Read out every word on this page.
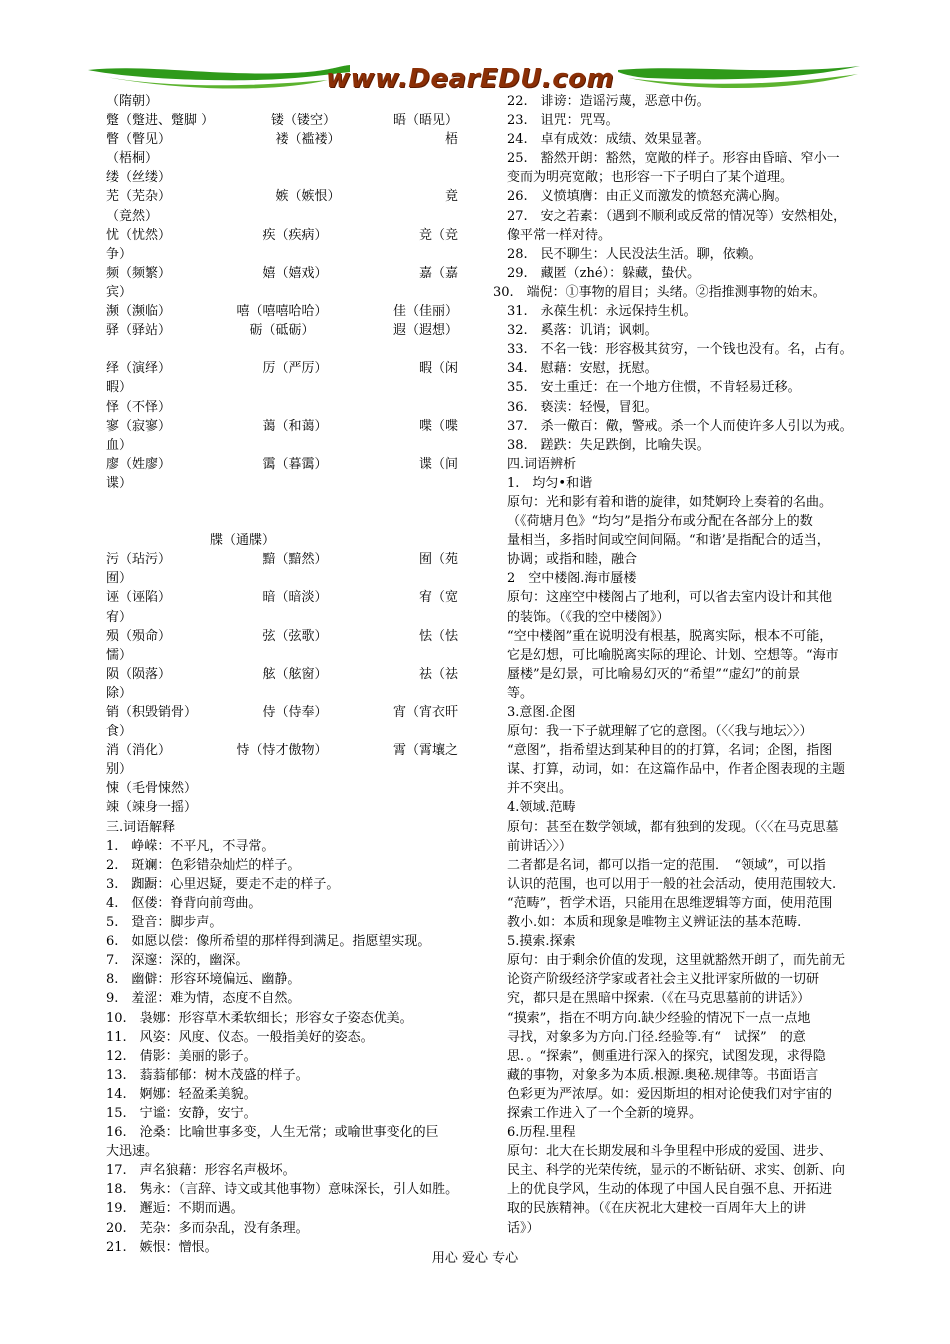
www.DearEDU.com
（隋朝）
蹩（蹩进、蹩脚 ）	镂（镂空）	晤（晤见）
瞥（瞥见）	褛（褴褛）	梧
（梧桐）
缕（丝缕）
芜（芜杂）	嫉（嫉恨）	竟
（竟然）
忧（忧然）	疾（疾病）	竞（竞
争）
频（频繁）	嬉（嬉戏）	嘉（嘉
宾）
濒（濒临）	嘻（嘻嘻哈哈）	佳（佳丽）
驿（驿站）	砺（砥砺）	遐（遐想）
绎（演绎）	厉（严厉）	暇（闲
暇）
怿（不怿）
寥（寂寥）	蔼（和蔼）	喋（喋
血）
廖（姓廖）	霭（暮霭）	谍（间
谍）
　　　　　　　　牒（通牒）
污（玷污）	黯（黯然）	囿（苑
囿）
诬（诬陷）	暗（暗淡）	宥（宽
宥）
殒（殒命）	弦（弦歌）	怯（怯
懦）
陨（陨落）	舷（舷窗）	祛（祛
除）
销（积毁销骨）	侍（侍奉）	宵（宵衣旰
食）
消（消化）	恃（恃才傲物）	霄（霄壤之
别）
悚（毛骨悚然）
竦（竦身一摇）
三.词语解释
1.　峥嵘：不平凡，不寻常。
2.　斑斓：色彩错杂灿烂的样子。
3.　踟蹰：心里迟疑，要走不走的样子。
4.　伛偻：脊背向前弯曲。
5.　跫音：脚步声。
6.　如愿以偿：像所希望的那样得到满足。指愿望实现。
7.　深邃：深的，幽深。
8.　幽僻：形容环境偏远、幽静。
9.　羞涩：难为情，态度不自然。
10.　袅娜：形容草木柔软细长；形容女子姿态优美。
11.　风姿：风度、仪态。一般指美好的姿态。
12.　倩影：美丽的影子。
13.　蓊蓊郁郁：树木茂盛的样子。
14.　婀娜：轻盈柔美貌。
15.　宁谧：安静，安宁。
16.　沧桑：比喻世事多变，人生无常；或喻世事变化的巨
大迅速。
17.　声名狼藉：形容名声极坏。
18.　隽永：（言辞、诗文或其他事物）意味深长，引人如胜。
19.　邂逅：不期而遇。
20.　芜杂：多而杂乱，没有条理。
21.　嫉恨：憎恨。
22.　诽谤：造谣污蔑，恶意中伤。
23.　诅咒：咒骂。
24.　卓有成效：成绩、效果显著。
25.　豁然开朗：豁然，宽敞的样子。形容由昏暗、窄小一
变而为明亮宽敞；也形容一下子明白了某个道理。
26.　义愤填膺：由正义而激发的愤怒充满心胸。
27.　安之若素：（遇到不顺利或反常的情况等）安然相处，
像平常一样对待。
28.　民不聊生：人民没法生活。聊，依赖。
29.　藏匿（zhé）：躲藏，蛰伏。
30.　端倪：①事物的眉目；头绪。②指推测事物的始末。
31.　永葆生机：永远保持生机。
32.　奚落：讥诮；讽刺。
33.　不名一钱：形容极其贫穷，一个钱也没有。名，占有。
34.　慰藉：安慰，抚慰。
35.　安土重迁：在一个地方住惯，不肯轻易迁移。
36.　亵渎：轻慢，冒犯。
37.　杀一儆百：儆，警戒。杀一个人而使许多人引以为戒。
38.　蹉跌：失足跌倒，比喻失误。
四.词语辨析
1.　均匀•和谐
原句：光和影有着和谐的旋律，如梵婀玲上奏着的名曲。
（《荷塘月色》“均匀”是指分布或分配在各部分上的数
量相当，多指时间或空间间隔。“和谐’是指配合的适当，
协调；或指和睦，融合
2　空中楼阁.海市蜃楼
原句：这座空中楼阁占了地利，可以省去室内设计和其他
的装饰。（《我的空中楼阁》）
“空中楼阁”重在说明没有根基，脱离实际，根本不可能，
它是幻想，可比喻脱离实际的理论、计划、空想等。“海市
蜃楼”是幻景，可比喻易幻灭的“希望”“虚幻”的前景
等。
3.意图.企图
原句：我一下子就理解了它的意图。（〈〈我与地坛〉〉）
“意图”，指希望达到某种目的的打算，名词；企图，指图
谋、打算，动词，如：在这篇作品中，作者企图表现的主题
并不突出。
4.领域.范畴
原句：甚至在数学领域，都有独到的发现。（〈〈在马克思墓
前讲话〉〉）
二者都是名词，都可以指一定的范围．　“领域”，可以指
认识的范围，也可以用于一般的社会活动，使用范围较大.
“范畴”，哲学术语，只能用在思维逻辑等方面，使用范围
教小.如：本质和现象是唯物主义辨证法的基本范畴.
5.摸索.探索
原句：由于剩余价值的发现，这里就豁然开朗了，而先前无
论资产阶级经济学家或者社会主义批评家所做的一切研
究，都只是在黑暗中探索.（《在马克思墓前的讲话》）
“摸索”，指在不明方向.缺少经验的情况下一点一点地
寻找，对象多为方向.门径.经验等.有“　试探”　的意
思．。“探索”，侧重进行深入的探究，试图发现，求得隐
藏的事物，对象多为本质.根源.奥秘.规律等。书面语言
色彩更为严浓厚。如：爱因斯坦的相对论使我们对宇宙的
探索工作进入了一个全新的境界。
6.历程.里程
原句：北大在长期发展和斗争里程中形成的爱国、进步、
民主、科学的光荣传统，显示的不断钻研、求实、创新、向
上的优良学风，生动的体现了中国人民自强不息、开拓进
取的民族精神。（《在庆祝北大建校一百周年大上的讲
话》）
用心 爱心 专心
